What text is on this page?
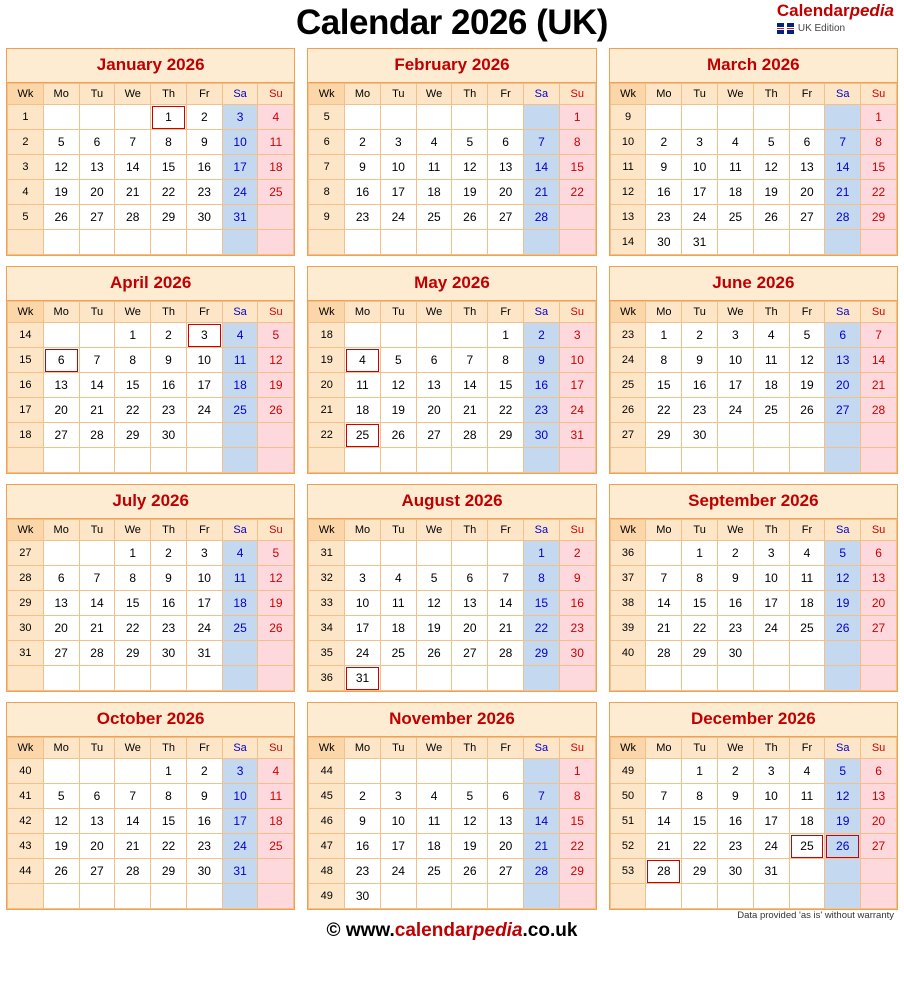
Calendar 2026 (UK)	Calendarpedia
UK Edition
January 2026
Wk	Mo	Tu	We	Th	Fr	Sa	Su
1				1	2	3	4

2	5	6	7	8	9	10	11

3	12	13	14	15	16	17	18

4	19	20	21	22	23	24	25

5	26	27	28	29	30	31	

February 2026
Wk	Mo	Tu	We	Th	Fr	Sa	Su
5							1

6	2	3	4	5	6	7	8

7	9	10	11	12	13	14	15

8	16	17	18	19	20	21	22

9	23	24	25	26	27	28	

March 2026
Wk	Mo	Tu	We	Th	Fr	Sa	Su
9							1

10	2	3	4	5	6	7	8

11	9	10	11	12	13	14	15

12	16	17	18	19	20	21	22

13	23	24	25	26	27	28	29

14	30	31					

April 2026
Wk	Mo	Tu	We	Th	Fr	Sa	Su
14			1	2	3	4	5

15	6	7	8	9	10	11	12

16	13	14	15	16	17	18	19

17	20	21	22	23	24	25	26

18	27	28	29	30			

May 2026
Wk	Mo	Tu	We	Th	Fr	Sa	Su
18					1	2	3

19	4	5	6	7	8	9	10

20	11	12	13	14	15	16	17

21	18	19	20	21	22	23	24

22	25	26	27	28	29	30	31

June 2026
Wk	Mo	Tu	We	Th	Fr	Sa	Su
23	1	2	3	4	5	6	7

24	8	9	10	11	12	13	14

25	15	16	17	18	19	20	21

26	22	23	24	25	26	27	28

27	29	30					

July 2026
Wk	Mo	Tu	We	Th	Fr	Sa	Su
27			1	2	3	4	5

28	6	7	8	9	10	11	12

29	13	14	15	16	17	18	19

30	20	21	22	23	24	25	26

31	27	28	29	30	31		

August 2026
Wk	Mo	Tu	We	Th	Fr	Sa	Su
31						1	2

32	3	4	5	6	7	8	9

33	10	11	12	13	14	15	16

34	17	18	19	20	21	22	23

35	24	25	26	27	28	29	30

36	31						

September 2026
Wk	Mo	Tu	We	Th	Fr	Sa	Su
36		1	2	3	4	5	6

37	7	8	9	10	11	12	13

38	14	15	16	17	18	19	20

39	21	22	23	24	25	26	27

40	28	29	30				

October 2026
Wk	Mo	Tu	We	Th	Fr	Sa	Su
40				1	2	3	4

41	5	6	7	8	9	10	11

42	12	13	14	15	16	17	18

43	19	20	21	22	23	24	25

44	26	27	28	29	30	31	

November 2026
Wk	Mo	Tu	We	Th	Fr	Sa	Su
44							1

45	2	3	4	5	6	7	8

46	9	10	11	12	13	14	15

47	16	17	18	19	20	21	22

48	23	24	25	26	27	28	29

49	30						

December 2026
Wk	Mo	Tu	We	Th	Fr	Sa	Su
49		1	2	3	4	5	6

50	7	8	9	10	11	12	13

51	14	15	16	17	18	19	20

52	21	22	23	24	25	26	27

53	28	29	30	31			

Data provided 'as is' without warranty
© www.calendarpedia.co.uk
